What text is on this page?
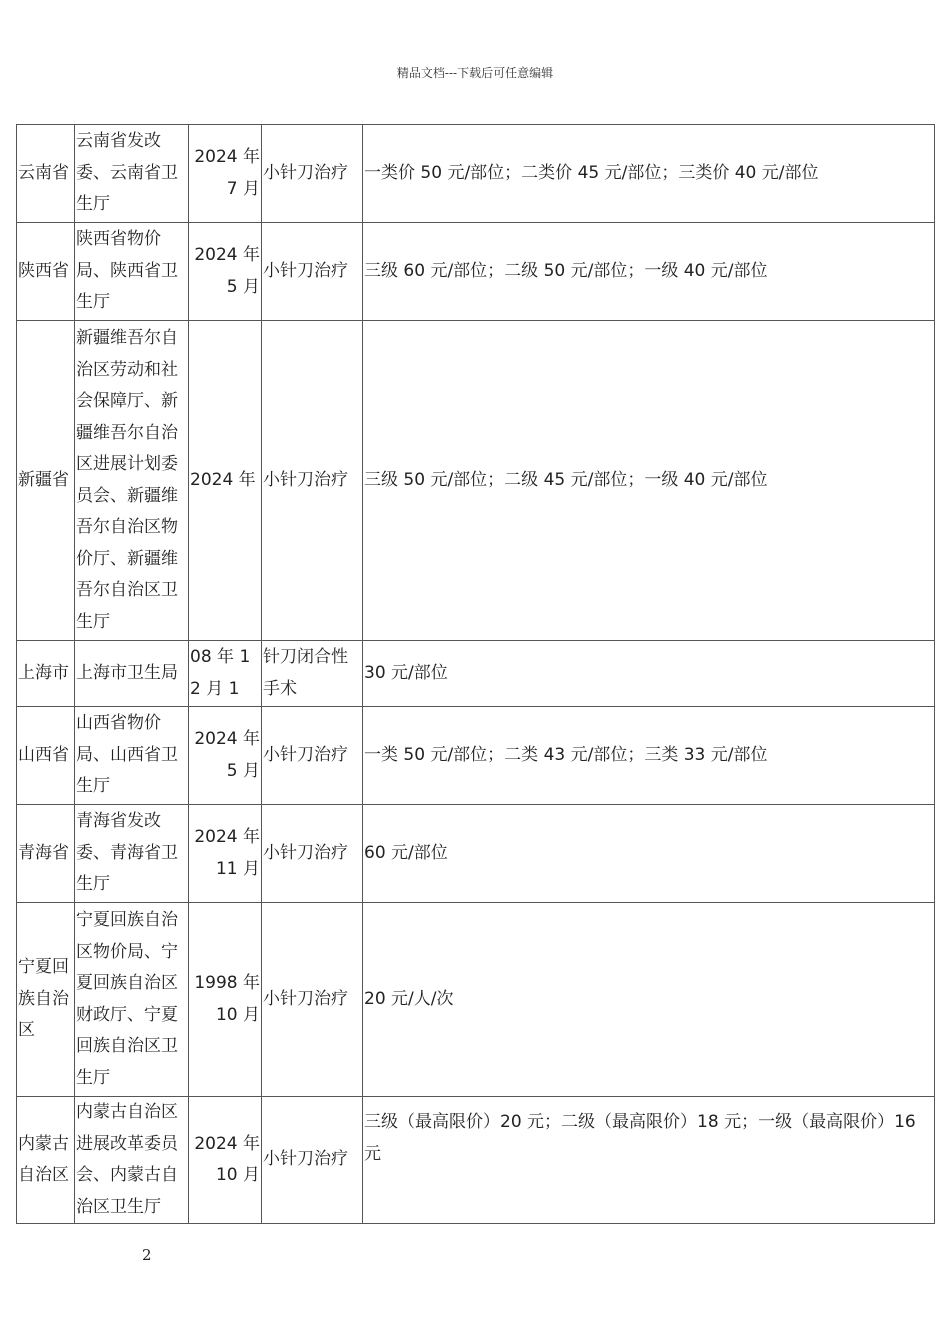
精品文档---下载后可任意编辑
云南省	云南省发改委、云南省卫生厅	2024 年 7 月	小针刀治疗	一类价 50 元/部位；二类价 45 元/部位；三类价 40 元/部位
陕西省	陕西省物价局、陕西省卫生厅	2024 年 5 月	小针刀治疗	三级 60 元/部位；二级 50 元/部位；一级 40 元/部位
新疆省	新疆维吾尔自治区劳动和社会保障厅、新疆维吾尔自治区进展计划委员会、新疆维吾尔自治区物价厅、新疆维吾尔自治区卫生厅	2024 年	小针刀治疗	三级 50 元/部位；二级 45 元/部位；一级 40 元/部位
上海市	上海市卫生局	08 年 12 月 1	针刀闭合性手术	30 元/部位
山西省	山西省物价局、山西省卫生厅	2024 年 5 月	小针刀治疗	一类 50 元/部位；二类 43 元/部位；三类 33 元/部位
青海省	青海省发改委、青海省卫生厅	2024 年 11 月	小针刀治疗	60 元/部位
宁夏回族自治区	宁夏回族自治区物价局、宁夏回族自治区财政厅、宁夏回族自治区卫生厅	1998 年 10 月	小针刀治疗	20 元/人/次
内蒙古自治区	内蒙古自治区进展改革委员会、内蒙古自治区卫生厅	2024 年 10 月	小针刀治疗	三级（最高限价）20 元；二级（最高限价）18 元；一级（最高限价）16 元
2
